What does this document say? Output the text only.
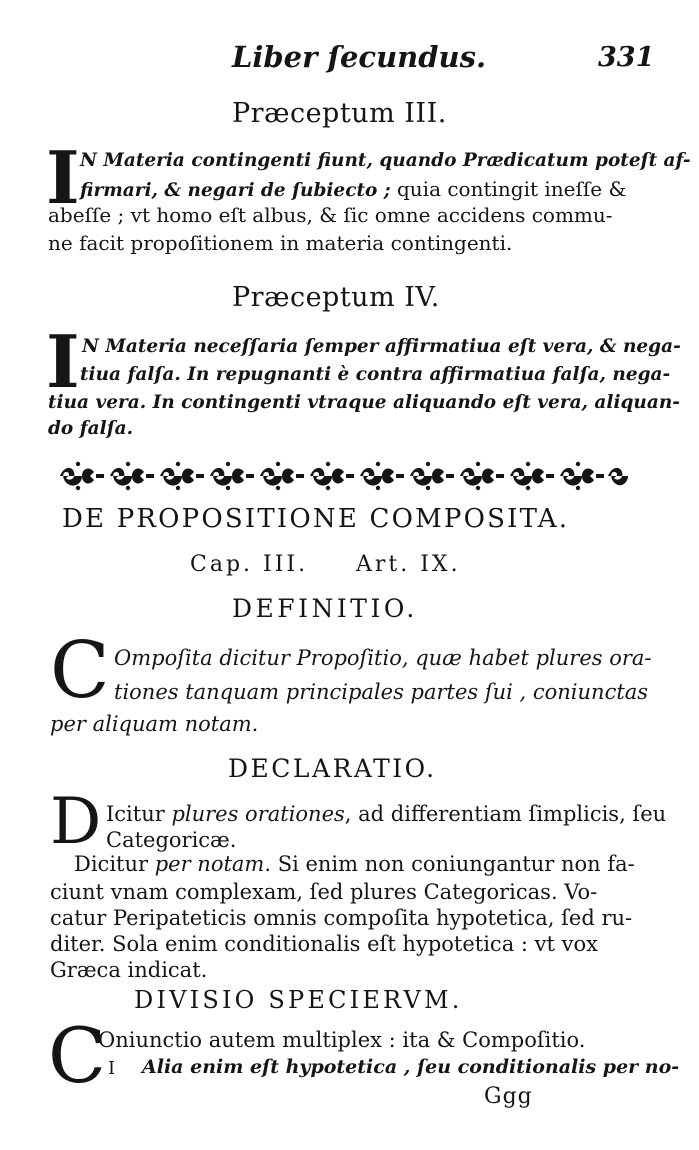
Liber ſecundus.	331
Præceptum III.
I N Materia contingenti fiunt, quando Prædicatum poteſt af-
firmari, & negari de ſubiecto ; quia contingit ineſſe &
abeſſe ; vt homo eſt albus, & ſic omne accidens commu-
ne facit propoſitionem in materia contingenti.
Præceptum IV.
I N Materia neceſſaria ſemper affirmatiua eſt vera, & nega-
tiua falſa. In repugnanti è contra affirmatiua falſa, nega-
tiua vera. In contingenti vtraque aliquando eſt vera, aliquan-
do falſa.
DE PROPOSITIONE COMPOSITA.
Cap. III. Art. IX.
DEFINITIO.
C Ompoſita dicitur Propoſitio, quæ habet plures ora-
tiones tanquam principales partes ſui , coniunctas
per aliquam notam.
DECLARATIO.
D Icitur plures orationes, ad differentiam ſimplicis, ſeu
Categoricæ.
Dicitur per notam. Si enim non coniungantur non fa-
ciunt vnam complexam, ſed plures Categoricas. Vo-
catur Peripateticis omnis compoſita hypotetica, ſed ru-
diter. Sola enim conditionalis eſt hypotetica : vt vox
Græca indicat.
DIVISIO SPECIERVM.
C
Oniunctio autem multiplex : ita & Compoſitio.
I Alia enim eſt hypotetica , ſeu conditionalis per no-
Ggg
